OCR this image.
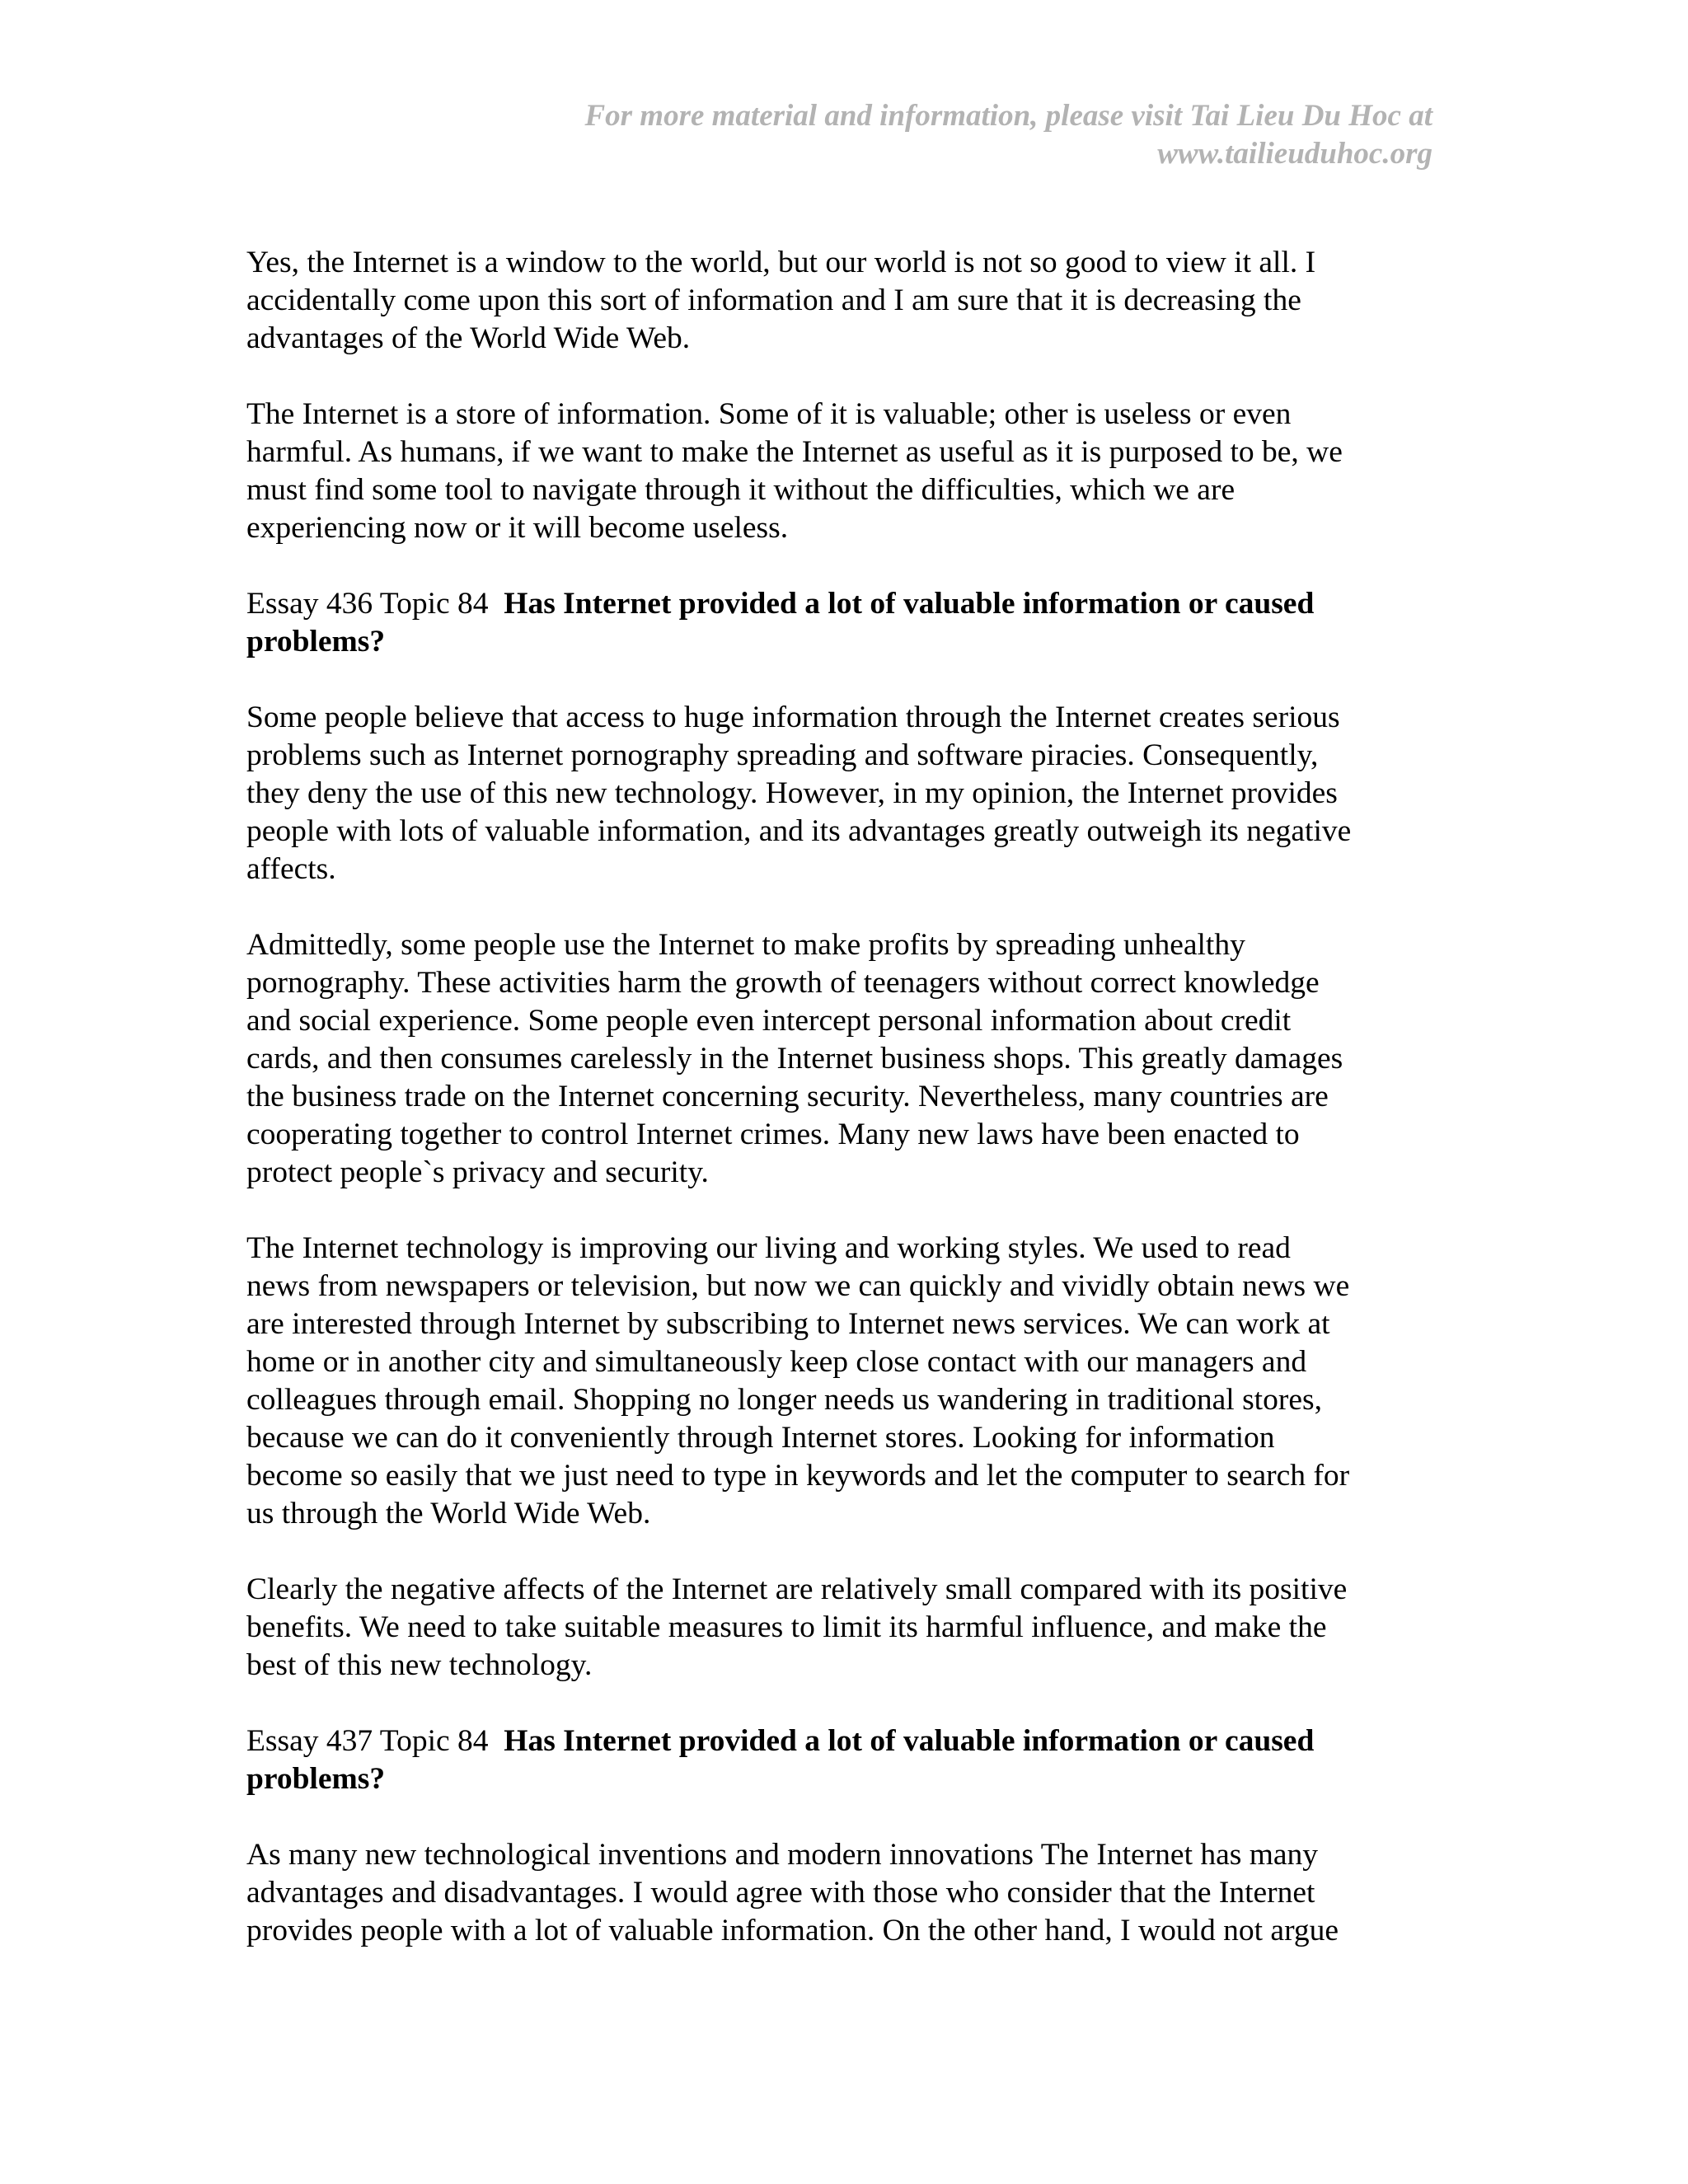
For more material and information, please visit Tai Lieu Du Hoc at
www.tailieuduhoc.org

Yes, the Internet is a window to the world, but our world is not so good to view it all. I
accidentally come upon this sort of information and I am sure that it is decreasing the
advantages of the World Wide Web.

The Internet is a store of information. Some of it is valuable; other is useless or even
harmful. As humans, if we want to make the Internet as useful as it is purposed to be, we
must find some tool to navigate through it without the difficulties, which we are
experiencing now or it will become useless.

Essay 436 Topic 84  Has Internet provided a lot of valuable information or caused
problems?

Some people believe that access to huge information through the Internet creates serious
problems such as Internet pornography spreading and software piracies. Consequently,
they deny the use of this new technology. However, in my opinion, the Internet provides
people with lots of valuable information, and its advantages greatly outweigh its negative
affects.

Admittedly, some people use the Internet to make profits by spreading unhealthy
pornography. These activities harm the growth of teenagers without correct knowledge
and social experience. Some people even intercept personal information about credit
cards, and then consumes carelessly in the Internet business shops. This greatly damages
the business trade on the Internet concerning security. Nevertheless, many countries are
cooperating together to control Internet crimes. Many new laws have been enacted to
protect people`s privacy and security.

The Internet technology is improving our living and working styles. We used to read
news from newspapers or television, but now we can quickly and vividly obtain news we
are interested through Internet by subscribing to Internet news services. We can work at
home or in another city and simultaneously keep close contact with our managers and
colleagues through email. Shopping no longer needs us wandering in traditional stores,
because we can do it conveniently through Internet stores. Looking for information
become so easily that we just need to type in keywords and let the computer to search for
us through the World Wide Web.

Clearly the negative affects of the Internet are relatively small compared with its positive
benefits. We need to take suitable measures to limit its harmful influence, and make the
best of this new technology.

Essay 437 Topic 84  Has Internet provided a lot of valuable information or caused
problems?

As many new technological inventions and modern innovations The Internet has many
advantages and disadvantages. I would agree with those who consider that the Internet
provides people with a lot of valuable information. On the other hand, I would not argue
